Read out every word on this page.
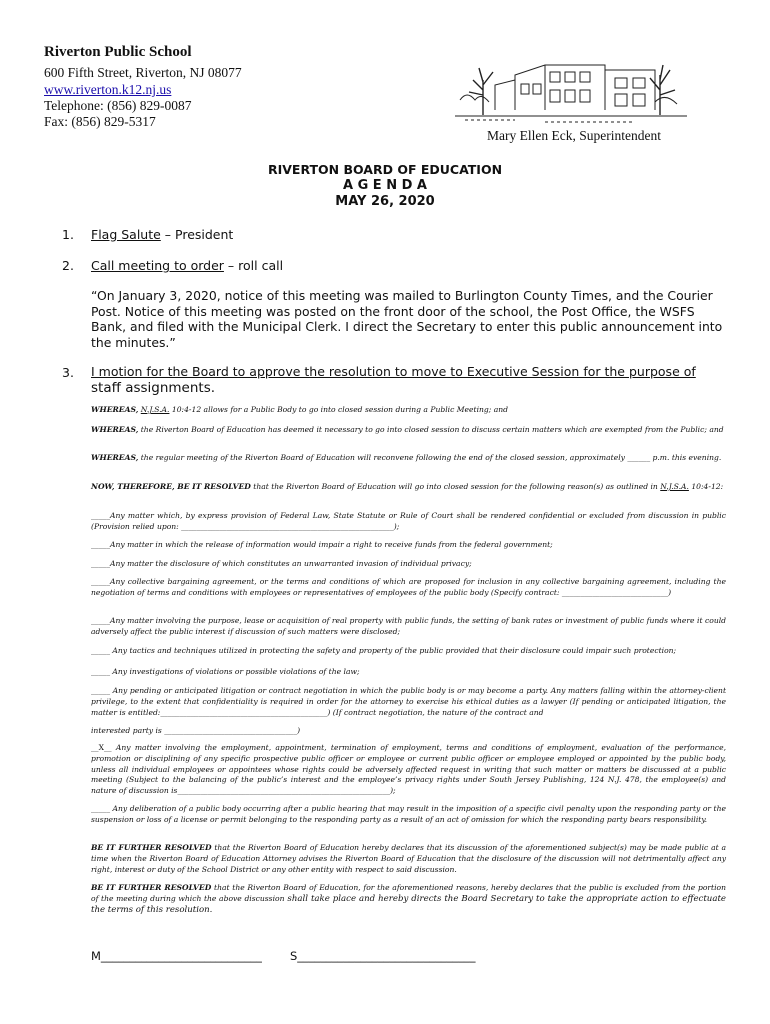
Riverton Public School
600 Fifth Street, Riverton, NJ 08077
www.riverton.k12.nj.us
Telephone: (856) 829-0087
Fax: (856) 829-5317
Mary Ellen Eck, Superintendent
RIVERTON BOARD OF EDUCATION
A G E N D A
MAY 26, 2020
1. Flag Salute – President
2. Call meeting to order – roll call
“On January 3, 2020, notice of this meeting was mailed to Burlington County Times, and the Courier Post. Notice of this meeting was posted on the front door of the school, the Post Office, the WSFS Bank, and filed with the Municipal Clerk. I direct the Secretary to enter this public announcement into the minutes.”
3. I motion for the Board to approve the resolution to move to Executive Session for the purpose of staff assignments.
WHEREAS, N.J.S.A. 10:4-12 allows for a Public Body to go into closed session during a Public Meeting; and
WHEREAS, the Riverton Board of Education has deemed it necessary to go into closed session to discuss certain matters which are exempted from the Public; and
WHEREAS, the regular meeting of the Riverton Board of Education will reconvene following the end of the closed session, approximately ______ p.m. this evening.
NOW, THEREFORE, BE IT RESOLVED that the Riverton Board of Education will go into closed session for the following reason(s) as outlined in N.J.S.A. 10:4-12:
_____Any matter which, by express provision of Federal Law, State Statute or Rule of Court shall be rendered confidential or excluded from discussion in public (Provision relied upon: ________________________________________________________);
_____Any matter in which the release of information would impair a right to receive funds from the federal government;
_____Any matter the disclosure of which constitutes an unwarranted invasion of individual privacy;
_____Any collective bargaining agreement, or the terms and conditions of which are proposed for inclusion in any collective bargaining agreement, including the negotiation of terms and conditions with employees or representatives of employees of the public body (Specify contract: ____________________________)
_____Any matter involving the purpose, lease or acquisition of real property with public funds, the setting of bank rates or investment of public funds where it could adversely affect the public interest if discussion of such matters were disclosed;
_____ Any tactics and techniques utilized in protecting the safety and property of the public provided that their disclosure could impair such protection;
_____ Any investigations of violations or possible violations of the law;
_____ Any pending or anticipated litigation or contract negotiation in which the public body is or may become a party. Any matters falling within the attorney-client privilege, to the extent that confidentiality is required in order for the attorney to exercise his ethical duties as a lawyer (If pending or anticipated litigation, the matter is entitled:____________________________________________) (If contract negotiation, the nature of the contract and
interested party is ___________________________________)
__X__ Any matter involving the employment, appointment, termination of employment, terms and conditions of employment, evaluation of the performance, promotion or disciplining of any specific prospective public officer or employee or current public officer or employee employed or appointed by the public body, unless all individual employees or appointees whose rights could be adversely affected request in writing that such matter or matters be discussed at a public meeting (Subject to the balancing of the public’s interest and the employee’s privacy rights under South Jersey Publishing, 124 N.J. 478, the employee(s) and nature of discussion is________________________________________________________);
_____ Any deliberation of a public body occurring after a public hearing that may result in the imposition of a specific civil penalty upon the responding party or the suspension or loss of a license or permit belonging to the responding party as a result of an act of omission for which the responding party bears responsibility.
BE IT FURTHER RESOLVED that the Riverton Board of Education hereby declares that its discussion of the aforementioned subject(s) may be made public at a time when the Riverton Board of Education Attorney advises the Riverton Board of Education that the disclosure of the discussion will not detrimentally affect any right, interest or duty of the School District or any other entity with respect to said discussion.
BE IT FURTHER RESOLVED that the Riverton Board of Education, for the aforementioned reasons, hereby declares that the public is excluded from the portion of the meeting during which the above discussion shall take place and hereby directs the Board Secretary to take the appropriate action to effectuate the terms of this resolution.
M____________________________ S_______________________________
